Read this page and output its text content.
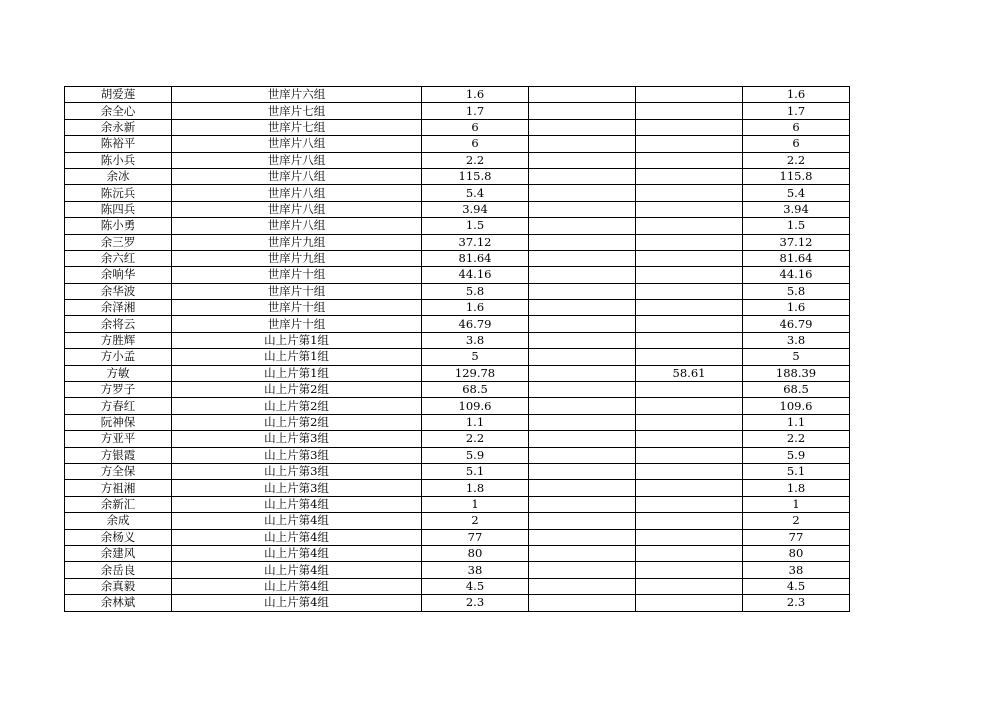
胡爱莲	世庠片六组	1.6			1.6
余全心	世庠片七组	1.7			1.7
余永新	世庠片七组	6			6
陈裕平	世庠片八组	6			6
陈小兵	世庠片八组	2.2			2.2
余冰	世庠片八组	115.8			115.8
陈沅兵	世庠片八组	5.4			5.4
陈四兵	世庠片八组	3.94			3.94
陈小勇	世庠片八组	1.5			1.5
余三罗	世庠片九组	37.12			37.12
余六红	世庠片九组	81.64			81.64
余响华	世庠片十组	44.16			44.16
余华波	世庠片十组	5.8			5.8
余泽湘	世庠片十组	1.6			1.6
余将云	世庠片十组	46.79			46.79
方胜辉	山上片第1组	3.8			3.8
方小孟	山上片第1组	5			5
方敏	山上片第1组	129.78		58.61	188.39
方罗子	山上片第2组	68.5			68.5
方春红	山上片第2组	109.6			109.6
阮神保	山上片第2组	1.1			1.1
方亚平	山上片第3组	2.2			2.2
方银霞	山上片第3组	5.9			5.9
方全保	山上片第3组	5.1			5.1
方祖湘	山上片第3组	1.8			1.8
余新汇	山上片第4组	1			1
余成	山上片第4组	2			2
余杨义	山上片第4组	77			77
余建风	山上片第4组	80			80
余岳良	山上片第4组	38			38
余真毅	山上片第4组	4.5			4.5
余林斌	山上片第4组	2.3			2.3
